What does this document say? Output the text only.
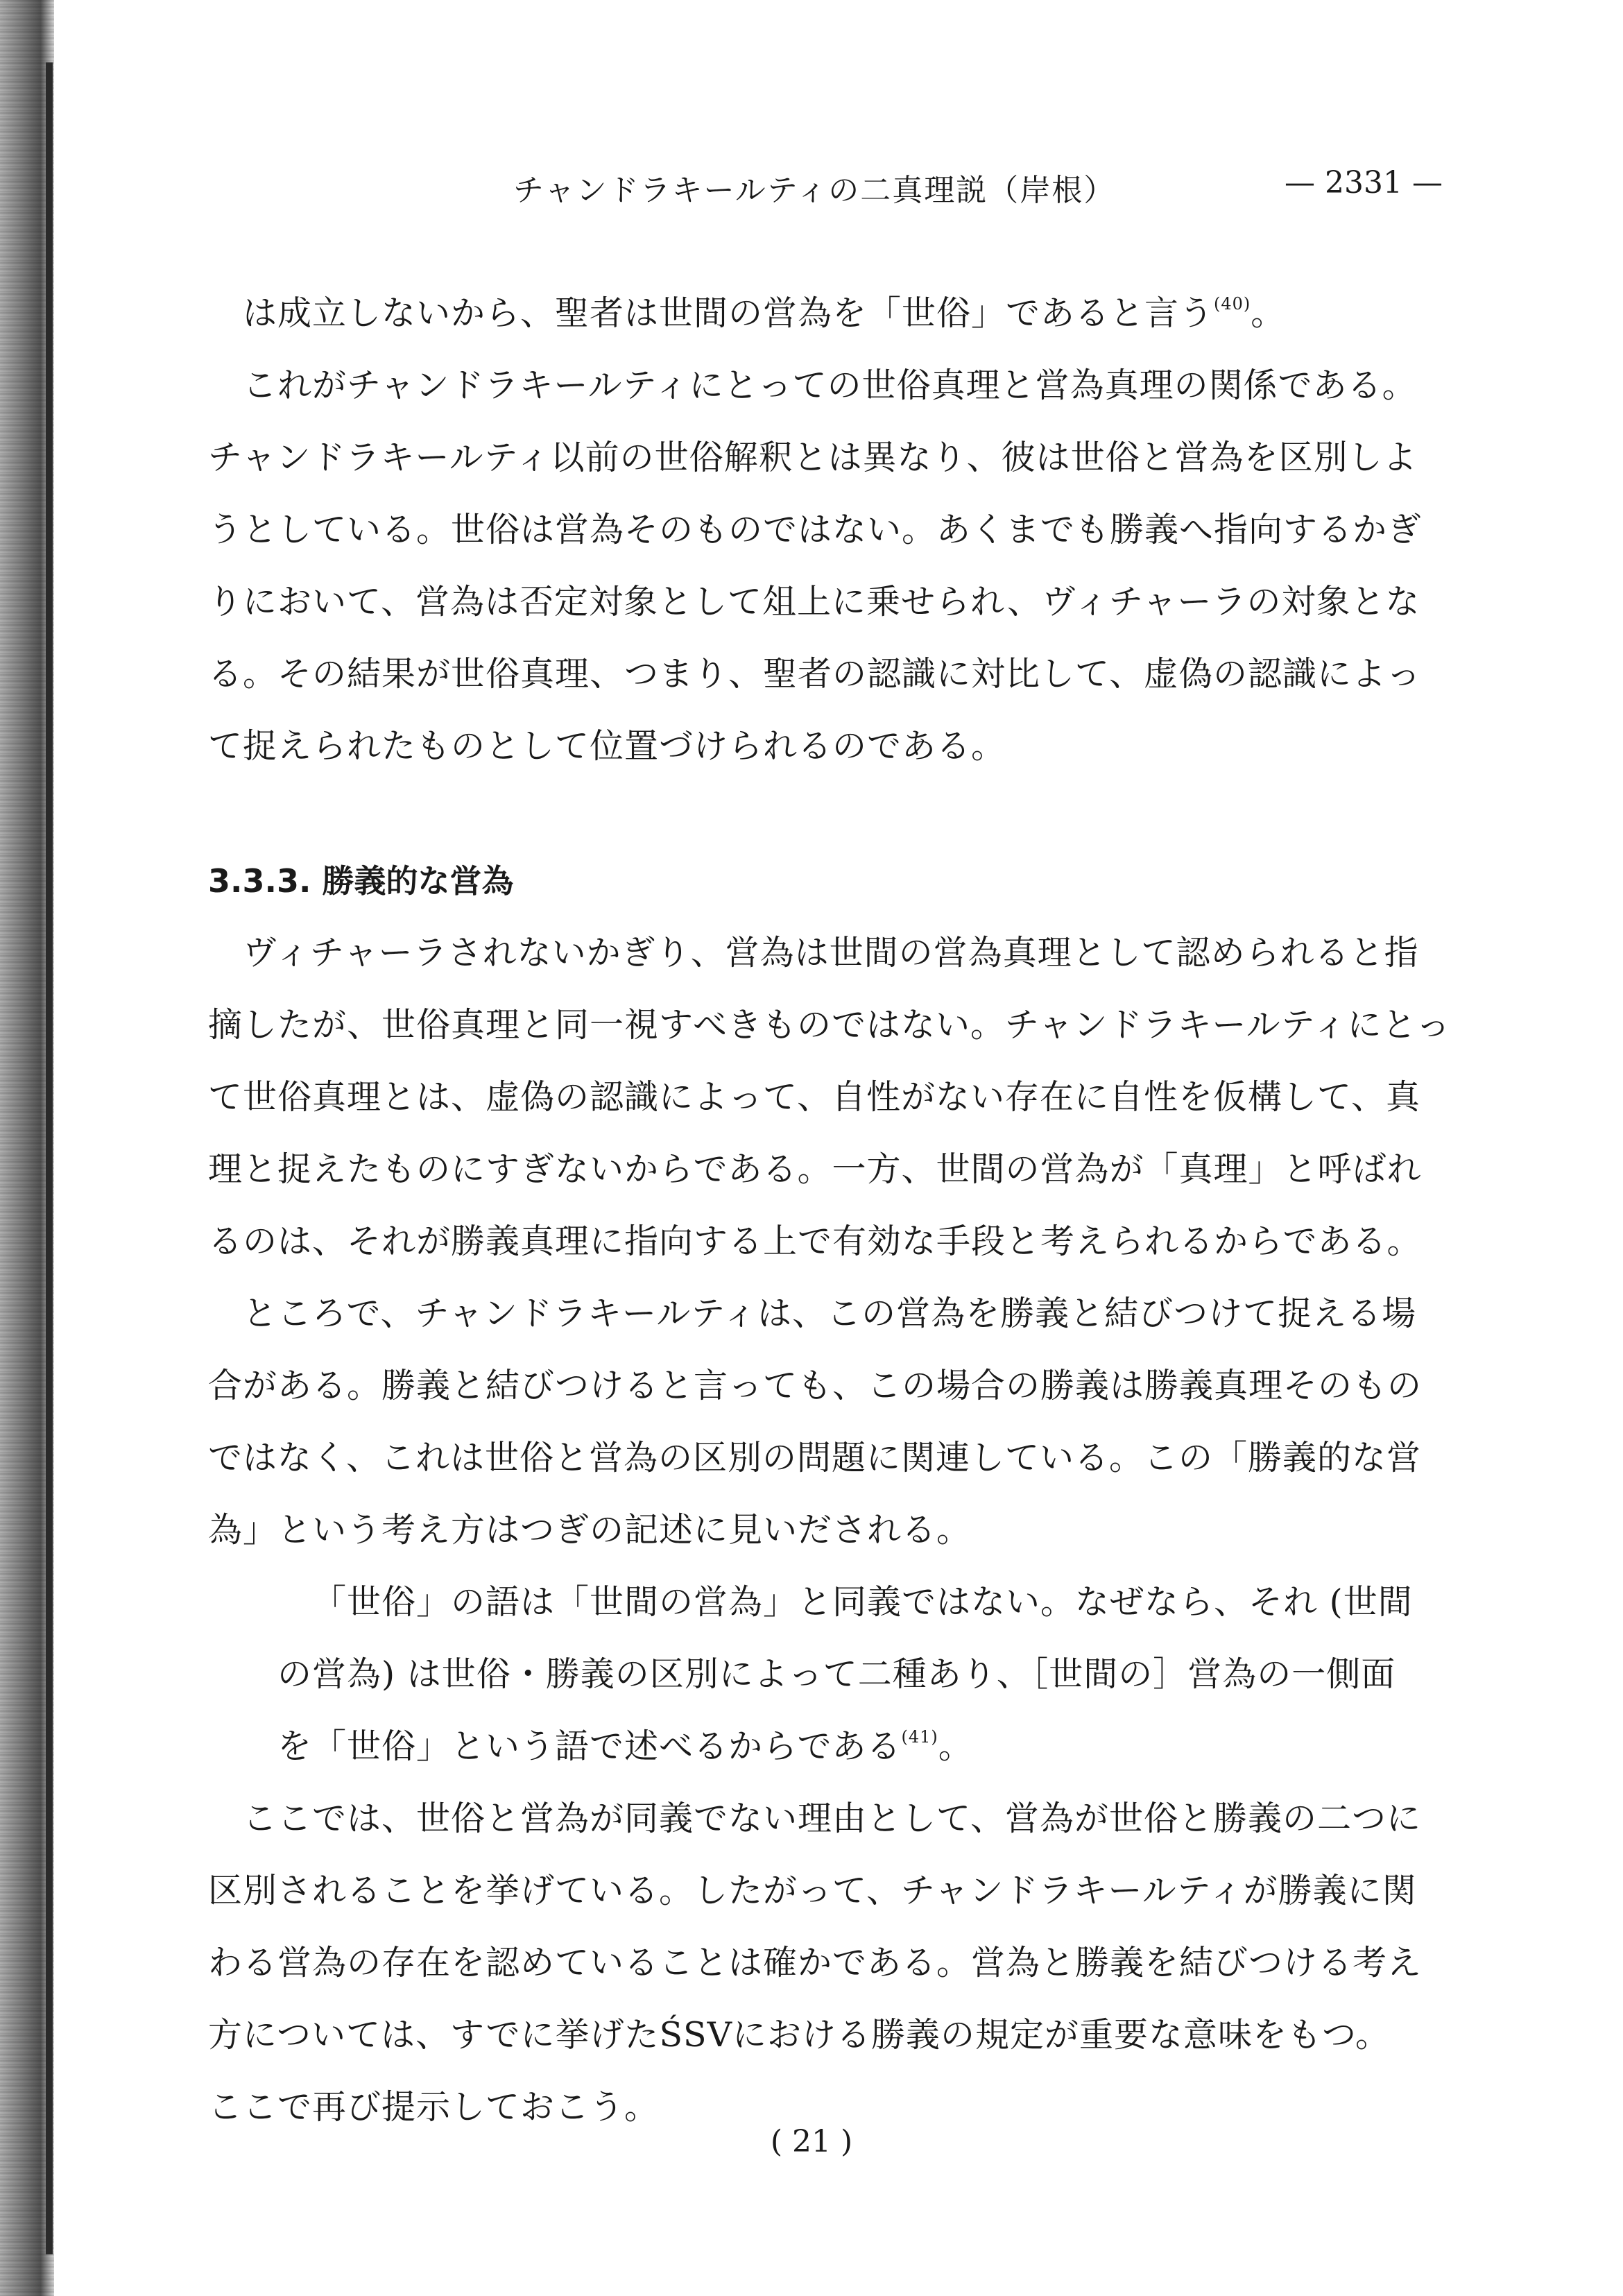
チャンドラキールティの二真理説（岸根）	— 2331 —
は成立しないから、聖者は世間の営為を「世俗」であると言う$^{(40)}$。
これがチャンドラキールティにとっての世俗真理と営為真理の関係である。
チャンドラキールティ以前の世俗解釈とは異なり、彼は世俗と営為を区別しよ
うとしている。世俗は営為そのものではない。あくまでも勝義へ指向するかぎ
りにおいて、営為は否定対象として俎上に乗せられ、ヴィチャーラの対象とな
る。その結果が世俗真理、つまり、聖者の認識に対比して、虚偽の認識によっ
て捉えられたものとして位置づけられるのである。
3.3.3. 勝義的な営為
ヴィチャーラされないかぎり、営為は世間の営為真理として認められると指
摘したが、世俗真理と同一視すべきものではない。チャンドラキールティにとっ
て世俗真理とは、虚偽の認識によって、自性がない存在に自性を仮構して、真
理と捉えたものにすぎないからである。一方、世間の営為が「真理」と呼ばれ
るのは、それが勝義真理に指向する上で有効な手段と考えられるからである。
ところで、チャンドラキールティは、この営為を勝義と結びつけて捉える場
合がある。勝義と結びつけると言っても、この場合の勝義は勝義真理そのもの
ではなく、これは世俗と営為の区別の問題に関連している。この「勝義的な営
為」という考え方はつぎの記述に見いだされる。
「世俗」の語は「世間の営為」と同義ではない。なぜなら、それ (世間
の営為) は世俗・勝義の区別によって二種あり、［世間の］営為の一側面
を「世俗」という語で述べるからである$^{(41)}$。
ここでは、世俗と営為が同義でない理由として、営為が世俗と勝義の二つに
区別されることを挙げている。したがって、チャンドラキールティが勝義に関
わる営為の存在を認めていることは確かである。営為と勝義を結びつける考え
方については、すでに挙げたŚSVにおける勝義の規定が重要な意味をもつ。
ここで再び提示しておこう。
( 21 )
